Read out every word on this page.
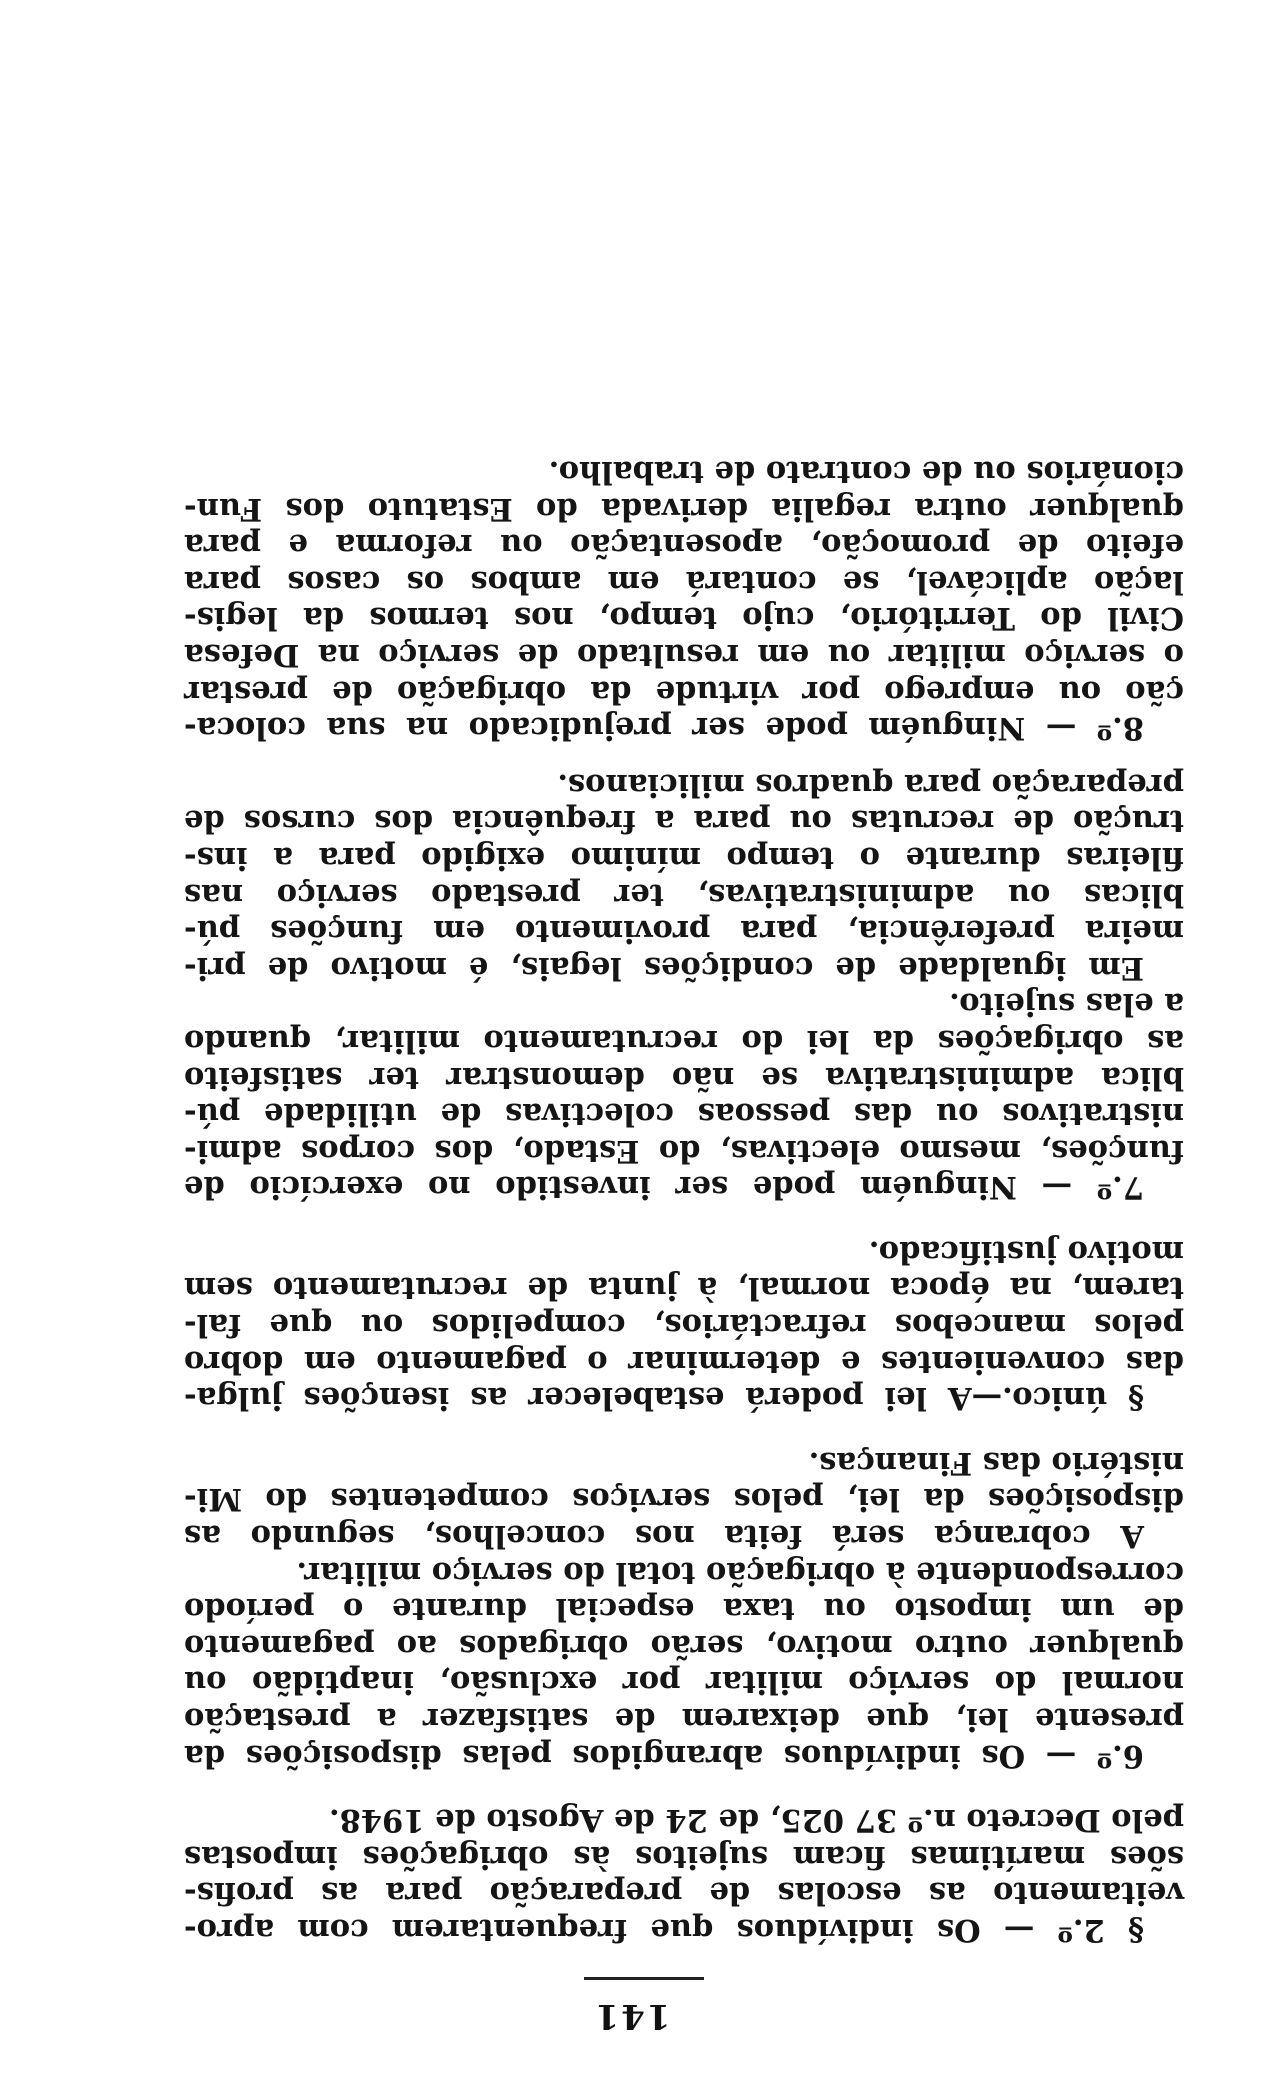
141
§ 2.º — Os indivíduos que frequentarem com apro-
veitamento as escolas de preparação para as profis-
sões marítimas ficam sujeitos às obrigações impostas
pelo Decreto n.º 37 025, de 24 de Agosto de 1948.
6.º — Os indivíduos abrangidos pelas disposições da
presente lei, que deixarem de satisfazer a prestação
normal do serviço militar por exclusão, inaptidão ou
qualquer outro motivo, serão obrigados ao pagamento
de um imposto ou taxa especial durante o período
correspondente à obrigação total do serviço militar.
A cobrança será feita nos concelhos, segundo as
disposições da lei, pelos serviços competentes do Mi-
nistério das Finanças.
§ único.—A lei poderá estabelecer as isenções julga-
das convenientes e determinar o pagamento em dobro
pelos mancebos refractários, compelidos ou que fal-
tarem, na época normal, à junta de recrutamento sem
motivo justificado.
7.º — Ninguém pode ser investido no exercício de
funções, mesmo electivas, do Estado, dos corpos admi-
nistrativos ou das pessoas colectivas de utilidade pú-
blica administrativa se não demonstrar ter satisfeito
as obrigações da lei do recrutamento militar, quando
a elas sujeito.
Em igualdade de condições legais, é motivo de pri-
meira preferência, para provimento em funções pú-
blicas ou administrativas, ter prestado serviço nas
fileiras durante o tempo mínimo exigido para a ins-
trução de recrutas ou para a frequência dos cursos de
preparação para quadros milicianos.
8.º — Ninguém pode ser prejudicado na sua coloca-
ção ou emprego por virtude da obrigação de prestar
o serviço militar ou em resultado de serviço na Defesa
Civil do Território, cujo tempo, nos termos da legis-
lação aplicável, se contará em ambos os casos para
efeito de promoção, aposentação ou reforma e para
qualquer outra regalia derivada do Estatuto dos Fun-
cionários ou de contrato de trabalho.
